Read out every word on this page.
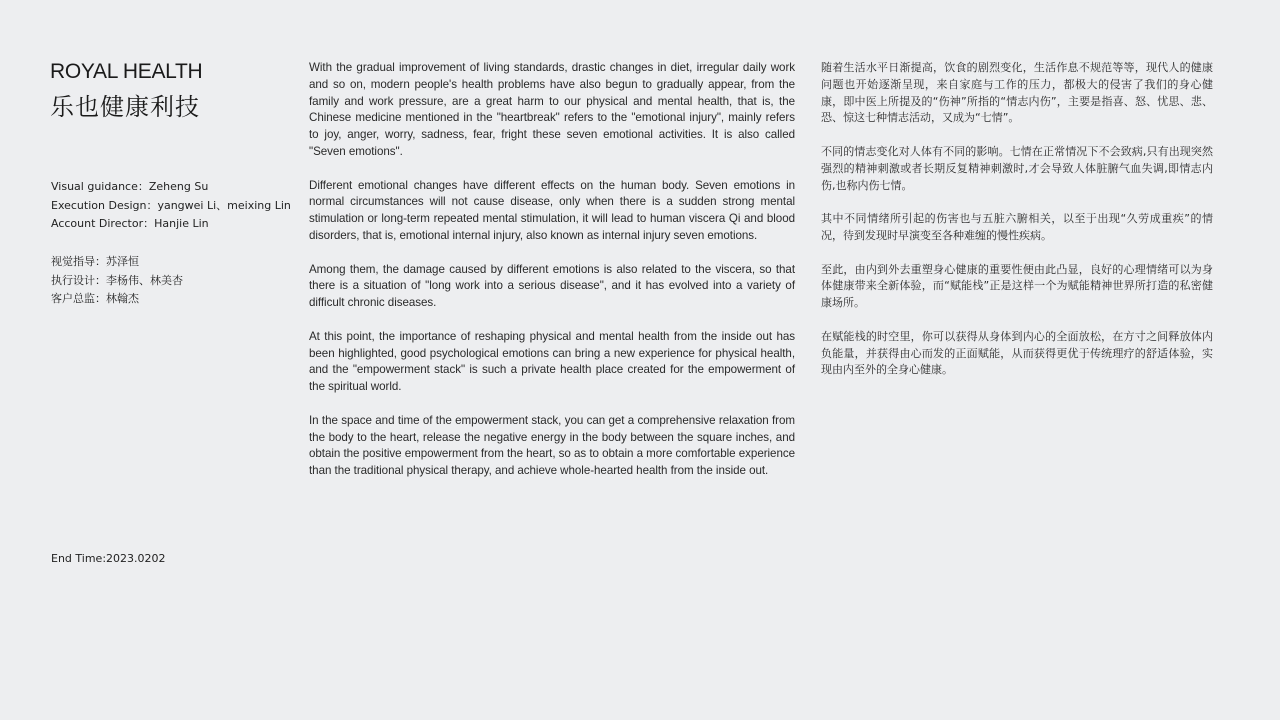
ROYAL HEALTH
乐也健康利技
Visual guidance：Zeheng Su
Execution Design：yangwei Li、meixing Lin
Account Director：Hanjie Lin
视觉指导：苏泽恒
执行设计：李杨伟、林美杏
客户总监：林翰杰
End Time:2023.0202

With the gradual improvement of living standards, drastic changes in diet, irregular daily work and so on, modern people's health problems have also begun to gradually appear, from the family and work pressure, are a great harm to our physical and mental health, that is, the Chinese medicine mentioned in the "heartbreak" refers to the "emotional injury", mainly refers to joy, anger, worry, sadness, fear, fright these seven emotional activities. It is also called "Seven emotions".

Different emotional changes have different effects on the human body. Seven emotions in normal circumstances will not cause disease, only when there is a sudden strong mental stimulation or long-term repeated mental stimulation, it will lead to human viscera Qi and blood disorders, that is, emotional internal injury, also known as internal injury seven emotions.

Among them, the damage caused by different emotions is also related to the viscera, so that there is a situation of "long work into a serious disease", and it has evolved into a variety of difficult chronic diseases.

At this point, the importance of reshaping physical and mental health from the inside out has been highlighted, good psychological emotions can bring a new experience for physical health, and the "empowerment stack" is such a private health place created for the empowerment of the spiritual world.

In the space and time of the empowerment stack, you can get a comprehensive relaxation from the body to the heart, release the negative energy in the body between the square inches, and obtain the positive empowerment from the heart, so as to obtain a more comfortable experience than the traditional physical therapy, and achieve whole-hearted health from the inside out.

随着生活水平日渐提高，饮食的剧烈变化，生活作息不规范等等，现代人的健康问题也开始逐渐呈现，来自家庭与工作的压力，都极大的侵害了我们的身心健康，即中医上所提及的“伤神”所指的“情志内伤”，主要是指喜、怒、忧思、悲、恐、惊这七种情志活动，又成为“七情”。

不同的情志变化对人体有不同的影响。七情在正常情况下不会致病,只有出现突然强烈的精神刺激或者长期反复精神刺激时,才会导致人体脏腑气血失调,即情志内伤,也称内伤七情。

其中不同情绪所引起的伤害也与五脏六腑相关，以至于出现“久劳成重疾”的情况，待到发现时早演变至各种难缠的慢性疾病。

至此，由内到外去重塑身心健康的重要性便由此凸显，良好的心理情绪可以为身体健康带来全新体验，而“赋能栈”正是这样一个为赋能精神世界所打造的私密健康场所。

在赋能栈的时空里，你可以获得从身体到内心的全面放松，在方寸之间释放体内负能量，并获得由心而发的正面赋能，从而获得更优于传统理疗的舒适体验，实现由内至外的全身心健康。
